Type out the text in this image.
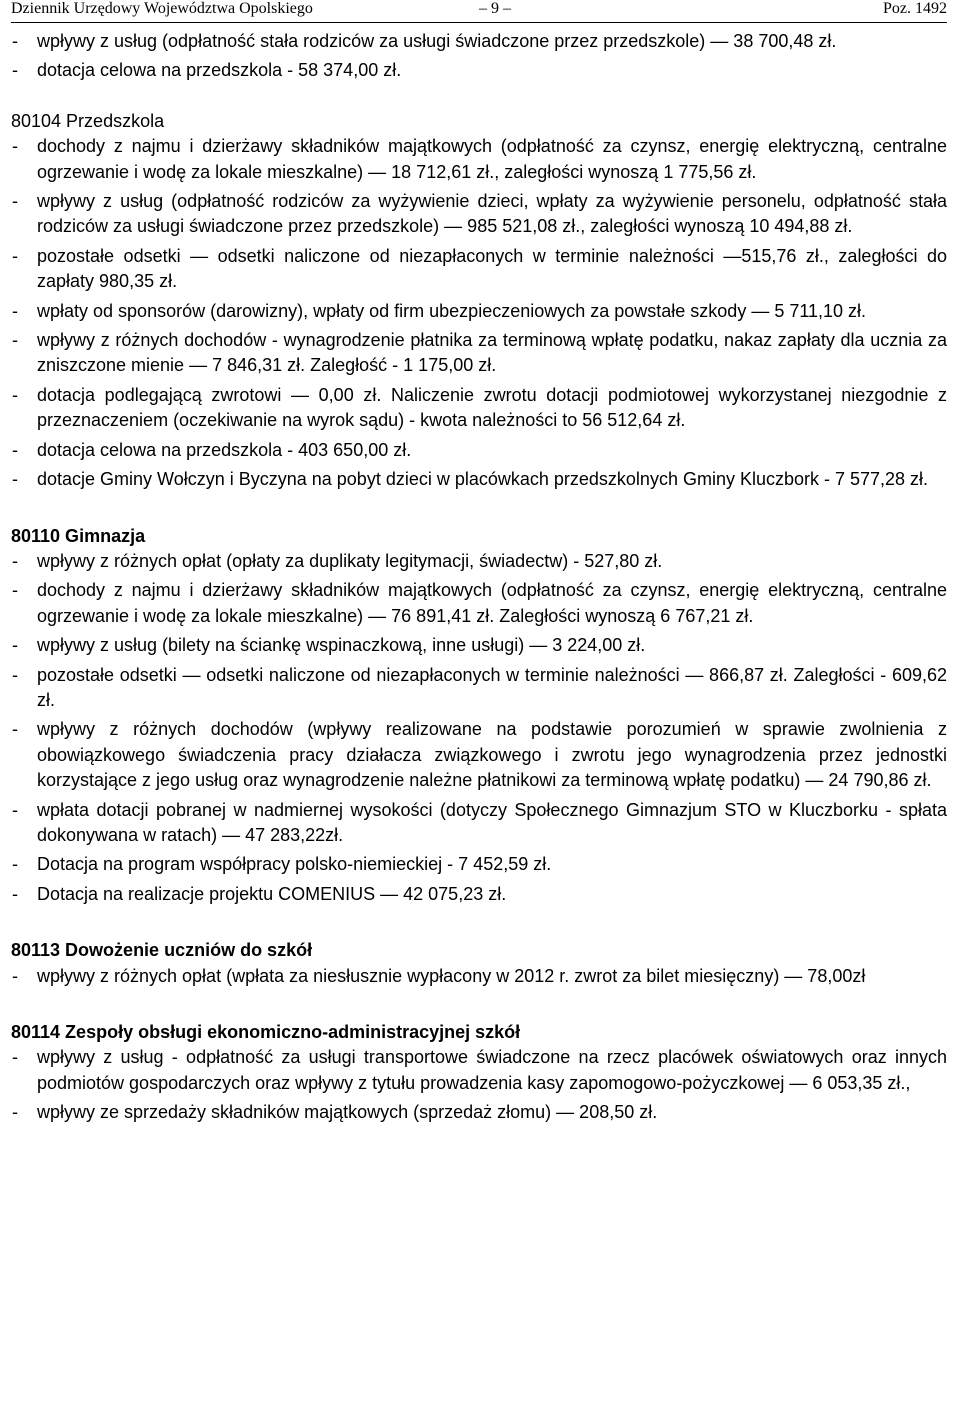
Dziennik Urzędowy Województwa Opolskiego	– 9 –	Poz. 1492
- wpływy z usług (odpłatność stała rodziców za usługi świadczone przez przedszkole) — 38 700,48 zł.
- dotacja celowa na przedszkola - 58 374,00 zł.
80104 Przedszkola
- dochody z najmu i dzierżawy składników majątkowych (odpłatność za czynsz, energię elektryczną, centralne ogrzewanie i wodę za lokale mieszkalne) — 18 712,61 zł., zaległości wynoszą 1 775,56 zł.
- wpływy z usług (odpłatność rodziców za wyżywienie dzieci, wpłaty za wyżywienie personelu, odpłatność stała rodziców za usługi świadczone przez przedszkole) — 985 521,08 zł., zaległości wynoszą 10 494,88 zł.
- pozostałe odsetki — odsetki naliczone od niezapłaconych w terminie należności —515,76 zł., zaległości do zapłaty 980,35 zł.
- wpłaty od sponsorów (darowizny), wpłaty od firm ubezpieczeniowych za powstałe szkody — 5 711,10 zł.
- wpływy z różnych dochodów - wynagrodzenie płatnika za terminową wpłatę podatku, nakaz zapłaty dla ucznia za zniszczone mienie — 7 846,31 zł. Zaległość - 1 175,00 zł.
- dotacja podlegającą zwrotowi — 0,00 zł. Naliczenie zwrotu dotacji podmiotowej wykorzystanej niezgodnie z przeznaczeniem (oczekiwanie na wyrok sądu) - kwota należności to 56 512,64 zł.
- dotacja celowa na przedszkola - 403 650,00 zł.
- dotacje Gminy Wołczyn i Byczyna na pobyt dzieci w placówkach przedszkolnych Gminy Kluczbork - 7 577,28 zł.
80110 Gimnazja
- wpływy z różnych opłat (opłaty za duplikaty legitymacji, świadectw) - 527,80 zł.
- dochody z najmu i dzierżawy składników majątkowych (odpłatność za czynsz, energię elektryczną, centralne ogrzewanie i wodę za lokale mieszkalne) — 76 891,41 zł. Zaległości wynoszą 6 767,21 zł.
- wpływy z usług (bilety na ściankę wspinaczkową, inne usługi) — 3 224,00 zł.
- pozostałe odsetki — odsetki naliczone od niezapłaconych w terminie należności — 866,87 zł. Zaległości - 609,62 zł.
- wpływy z różnych dochodów (wpływy realizowane na podstawie porozumień w sprawie zwolnienia z obowiązkowego świadczenia pracy działacza związkowego i zwrotu jego wynagrodzenia przez jednostki korzystające z jego usług oraz wynagrodzenie należne płatnikowi za terminową wpłatę podatku) — 24 790,86 zł.
- wpłata dotacji pobranej w nadmiernej wysokości (dotyczy Społecznego Gimnazjum STO w Kluczborku - spłata dokonywana w ratach) — 47 283,22zł.
- Dotacja na program współpracy polsko-niemieckiej - 7 452,59 zł.
- Dotacja na realizacje projektu COMENIUS — 42 075,23 zł.
80113 Dowożenie uczniów do szkół
- wpływy z różnych opłat (wpłata za niesłusznie wypłacony w 2012 r. zwrot za bilet miesięczny) — 78,00zł
80114 Zespoły obsługi ekonomiczno-administracyjnej szkół
- wpływy z usług - odpłatność za usługi transportowe świadczone na rzecz placówek oświatowych oraz innych podmiotów gospodarczych oraz wpływy z tytułu prowadzenia kasy zapomogowo-pożyczkowej — 6 053,35 zł.,
- wpływy ze sprzedaży składników majątkowych (sprzedaż złomu) — 208,50 zł.
